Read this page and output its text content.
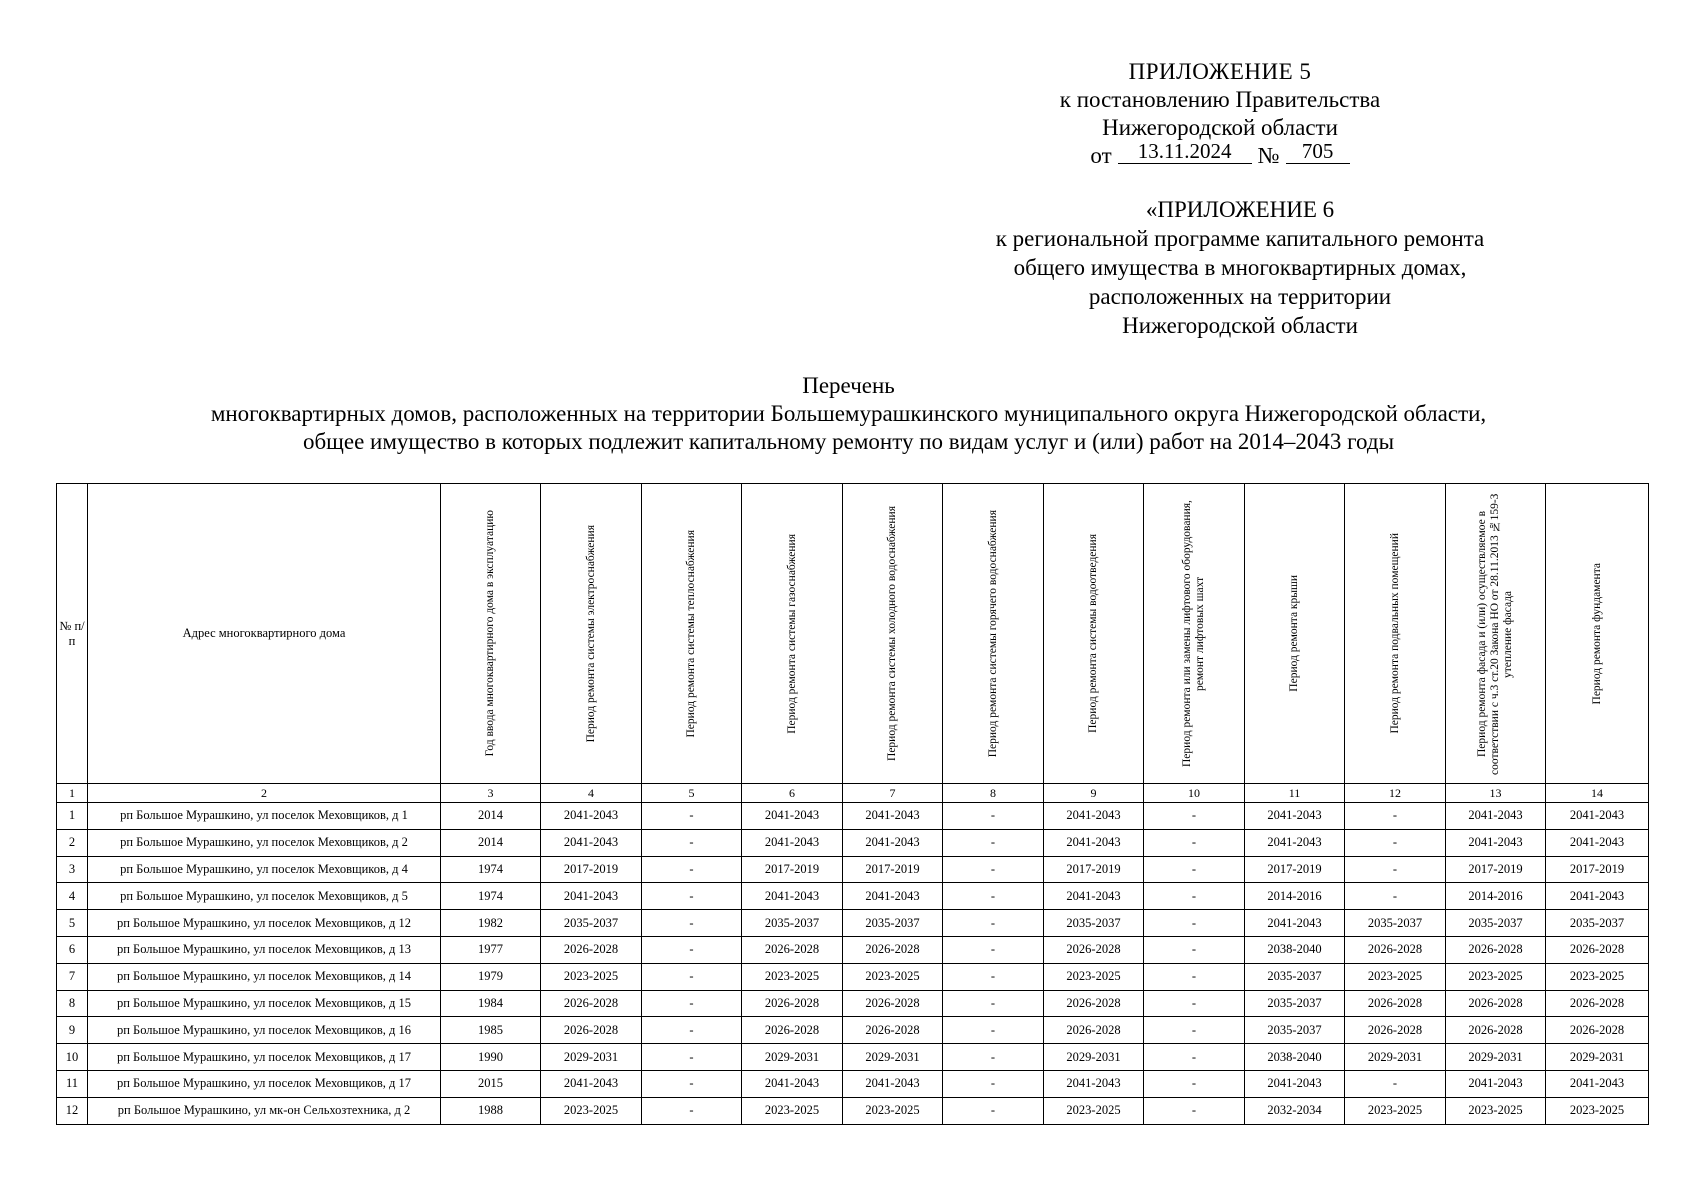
ПРИЛОЖЕНИЕ 5
к постановлению Правительства
Нижегородской области
от	13.11.2024	№	705
«ПРИЛОЖЕНИЕ 6
к региональной программе капитального ремонта
общего имущества в многоквартирных домах,
расположенных на территории
Нижегородской области
Перечень
многоквартирных домов, расположенных на территории Большемурашкинского муниципального округа Нижегородской области,
общее имущество в которых подлежит капитальному ремонту по видам услуг и (или) работ на 2014–2043 годы
№ п/п	Адрес многоквартирного дома	Год ввода многоквартирного дома в эксплуатацию	Период ремонта системы электроснабжения	Период ремонта системы теплоснабжения	Период ремонта системы газоснабжения	Период ремонта системы холодного водоснабжения	Период ремонта системы горячего водоснабжения	Период ремонта системы водоотведения	Период ремонта или замены лифтового оборудования, ремонт лифтовых шахт	Период ремонта крыши	Период ремонта подвальных помещений	Период ремонта фасада и (или) осуществляемое в соответствии с ч.3 ст.20 Закона НО от 28.11.2013 №159-З утепление фасада	Период ремонта фундамента

1	2	3	4	5	6	7	8	9	10	11	12	13	14
1	рп Большое Мурашкино, ул поселок Меховщиков, д 1	2014	2041-2043	-	2041-2043	2041-2043	-	2041-2043	-	2041-2043	-	2041-2043	2041-2043
2	рп Большое Мурашкино, ул поселок Меховщиков, д 2	2014	2041-2043	-	2041-2043	2041-2043	-	2041-2043	-	2041-2043	-	2041-2043	2041-2043
3	рп Большое Мурашкино, ул поселок Меховщиков, д 4	1974	2017-2019	-	2017-2019	2017-2019	-	2017-2019	-	2017-2019	-	2017-2019	2017-2019
4	рп Большое Мурашкино, ул поселок Меховщиков, д 5	1974	2041-2043	-	2041-2043	2041-2043	-	2041-2043	-	2014-2016	-	2014-2016	2041-2043
5	рп Большое Мурашкино, ул поселок Меховщиков, д 12	1982	2035-2037	-	2035-2037	2035-2037	-	2035-2037	-	2041-2043	2035-2037	2035-2037	2035-2037
6	рп Большое Мурашкино, ул поселок Меховщиков, д 13	1977	2026-2028	-	2026-2028	2026-2028	-	2026-2028	-	2038-2040	2026-2028	2026-2028	2026-2028
7	рп Большое Мурашкино, ул поселок Меховщиков, д 14	1979	2023-2025	-	2023-2025	2023-2025	-	2023-2025	-	2035-2037	2023-2025	2023-2025	2023-2025
8	рп Большое Мурашкино, ул поселок Меховщиков, д 15	1984	2026-2028	-	2026-2028	2026-2028	-	2026-2028	-	2035-2037	2026-2028	2026-2028	2026-2028
9	рп Большое Мурашкино, ул поселок Меховщиков, д 16	1985	2026-2028	-	2026-2028	2026-2028	-	2026-2028	-	2035-2037	2026-2028	2026-2028	2026-2028
10	рп Большое Мурашкино, ул поселок Меховщиков, д 17	1990	2029-2031	-	2029-2031	2029-2031	-	2029-2031	-	2038-2040	2029-2031	2029-2031	2029-2031
11	рп Большое Мурашкино, ул поселок Меховщиков, д 17	2015	2041-2043	-	2041-2043	2041-2043	-	2041-2043	-	2041-2043	-	2041-2043	2041-2043
12	рп Большое Мурашкино, ул мк-он Сельхозтехника, д 2	1988	2023-2025	-	2023-2025	2023-2025	-	2023-2025	-	2032-2034	2023-2025	2023-2025	2023-2025
